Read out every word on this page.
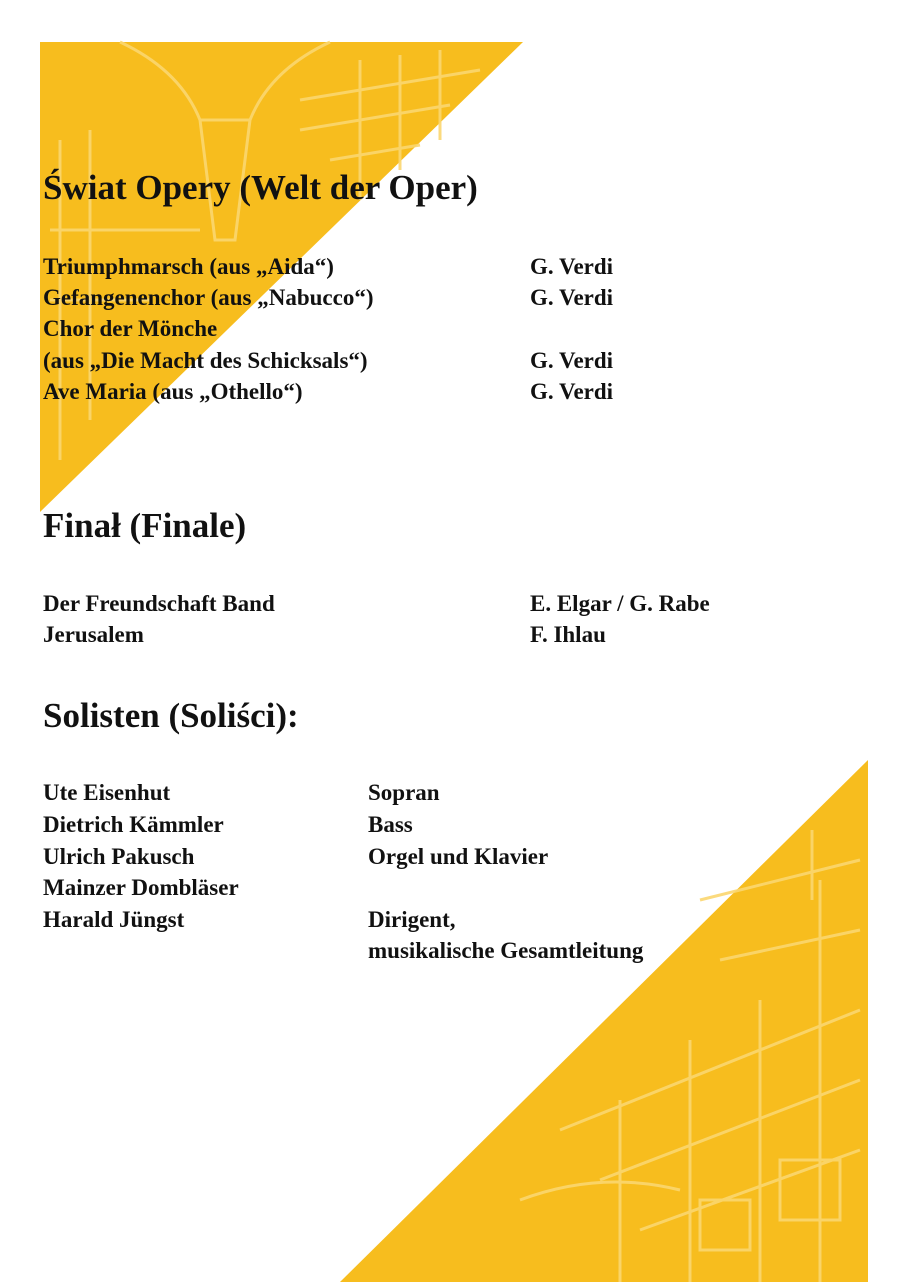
Świat Opery (Welt der Oper)
Triumphmarsch (aus „Aida“)	G. Verdi
Gefangenenchor (aus „Nabucco“)	G. Verdi
Chor der Mönche
(aus „Die Macht des Schicksals“)	G. Verdi
Ave Maria (aus „Othello“)	G. Verdi
Finał (Finale)
Der Freundschaft Band	E. Elgar / G. Rabe
Jerusalem	F. Ihlau
Solisten (Soliści):
Ute Eisenhut	Sopran
Dietrich Kämmler	Bass
Ulrich Pakusch	Orgel und Klavier
Mainzer Dombläser
Harald Jüngst	Dirigent,
musikalische Gesamtleitung
